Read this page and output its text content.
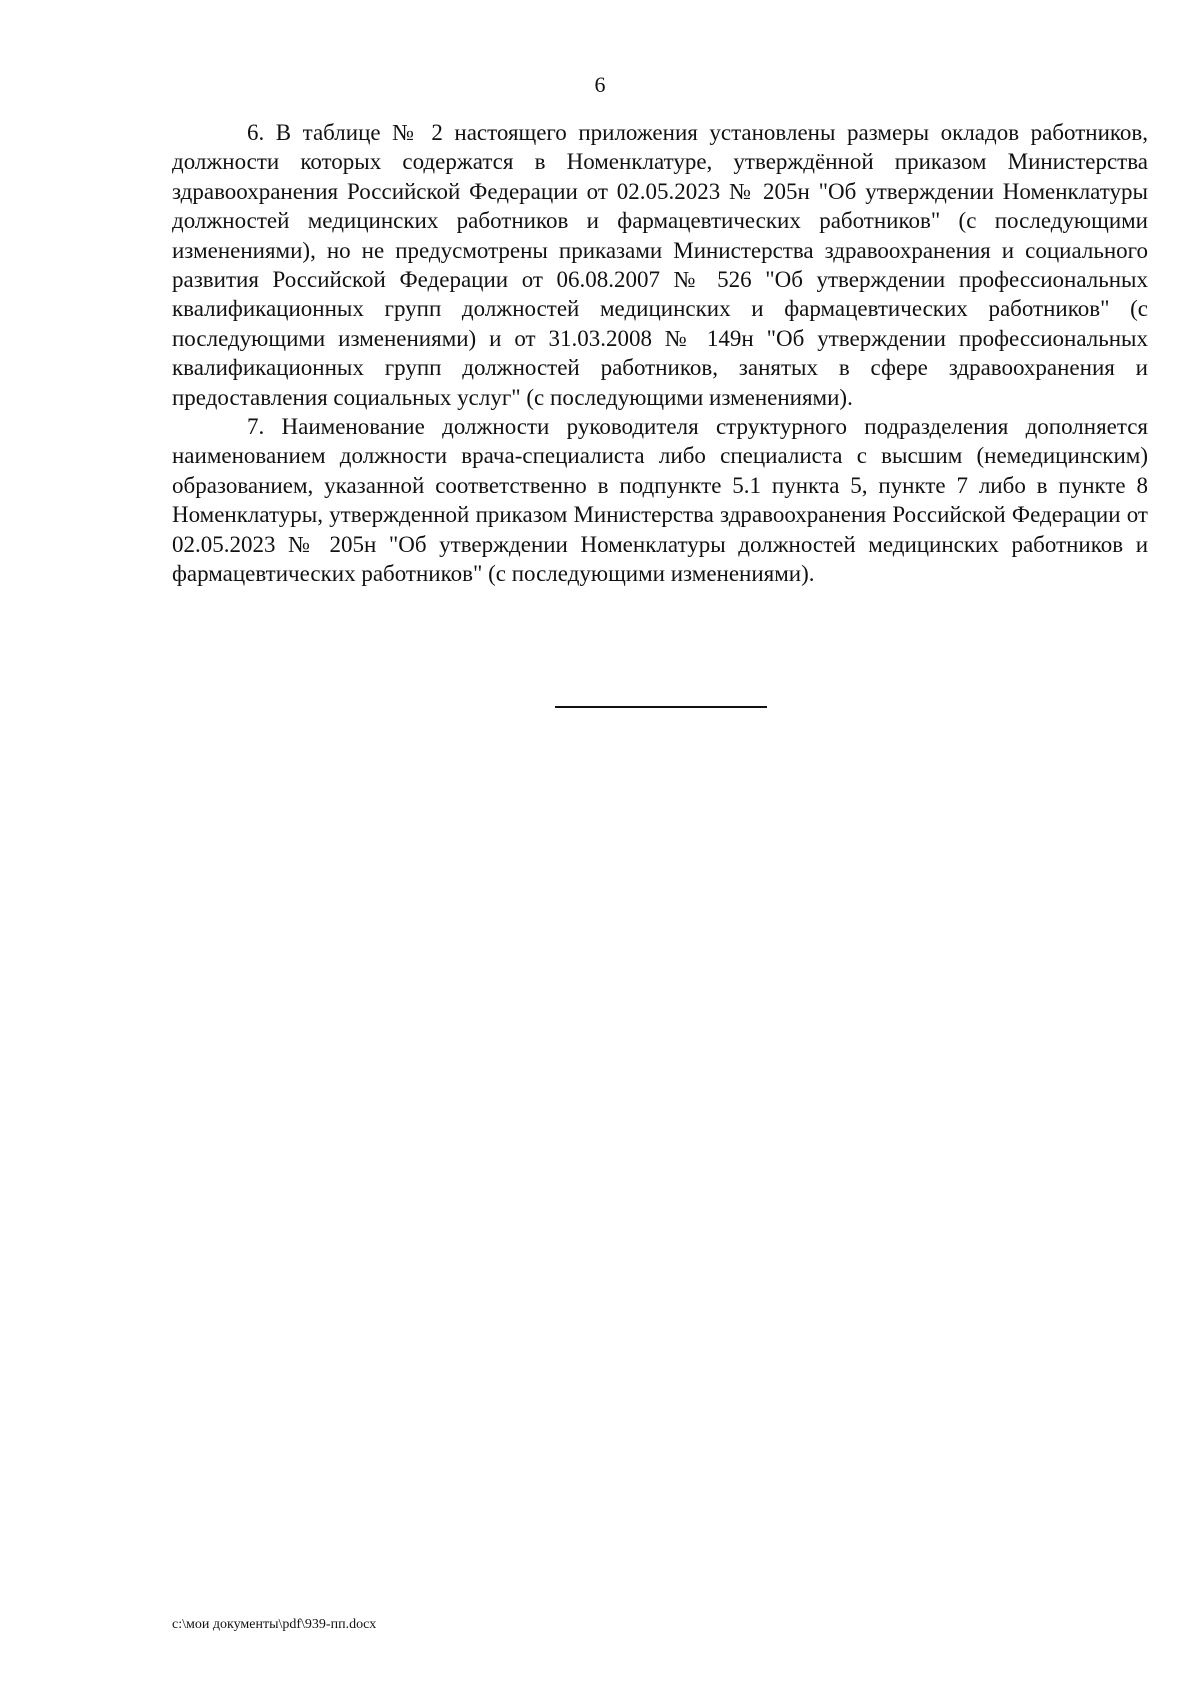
6

6. В таблице № 2 настоящего приложения установлены размеры окладов работников, должности которых содержатся в Номенклатуре, утверждённой приказом Министерства здравоохранения Российской Федерации от 02.05.2023 № 205н "Об утверждении Номенклатуры должностей медицинских работников и фармацевтических работников" (с последующими изменениями), но не предусмотрены приказами Министерства здравоохранения и социального развития Российской Федерации от 06.08.2007 № 526 "Об утверждении профессиональных квалификационных групп должностей медицинских и фармацевтических работников" (с последующими изменениями) и от 31.03.2008 № 149н "Об утверждении профессиональных квалификационных групп должностей работников, занятых в сфере здравоохранения и предоставления социальных услуг" (с последующими изменениями).

7. Наименование должности руководителя структурного подразделения дополняется наименованием должности врача-специалиста либо специалиста с высшим (немедицинским) образованием, указанной соответственно в подпункте 5.1 пункта 5, пункте 7 либо в пункте 8 Номенклатуры, утвержденной приказом Министерства здравоохранения Российской Федерации от 02.05.2023 № 205н "Об утверждении Номенклатуры должностей медицинских работников и фармацевтических работников" (с последующими изменениями).

c:\мои документы\pdf\939-пп.docx
